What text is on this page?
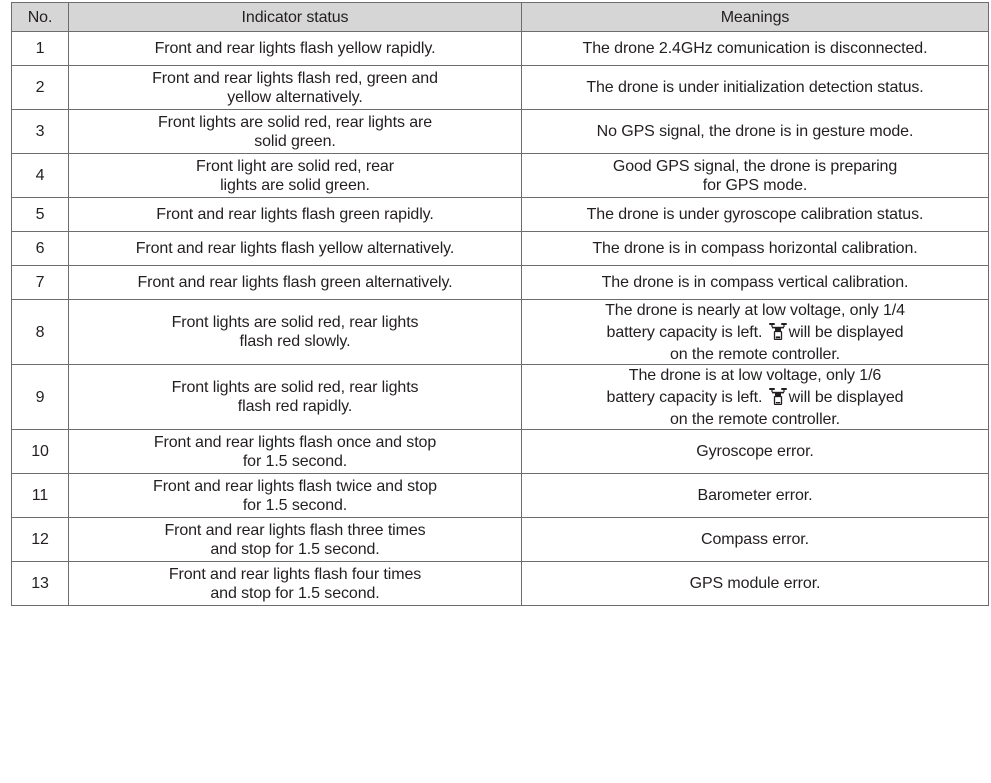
No.	Indicator status	Meanings
1	Front and rear lights flash yellow rapidly.	The drone 2.4GHz comunication is disconnected.
2	Front and rear lights flash red, green and
yellow alternatively.	The drone is under initialization detection status.
3	Front lights are solid red, rear lights are
solid green.	No GPS signal, the drone is in gesture mode.
4	Front light are solid red, rear
lights are solid green.	Good GPS signal, the drone is preparing
for GPS mode.
5	Front and rear lights flash green rapidly.	The drone is under gyroscope calibration status.
6	Front and rear lights flash yellow alternatively.	The drone is in compass horizontal calibration.
7	Front and rear lights flash green alternatively.	The drone is in compass vertical calibration.
8	Front lights are solid red, rear lights
flash red slowly.	The drone is nearly at low voltage, only 1/4
battery capacity is left. will be displayed
on the remote controller.
9	Front lights are solid red, rear lights
flash red rapidly.	The drone is at low voltage, only 1/6
battery capacity is left. will be displayed
on the remote controller.
10	Front and rear lights flash once and stop
for 1.5 second.	Gyroscope error.
11	Front and rear lights flash twice and stop
for 1.5 second.	Barometer error.
12	Front and rear lights flash three times
and stop for 1.5 second.	Compass error.
13	Front and rear lights flash four times
and stop for 1.5 second.	GPS module error.
